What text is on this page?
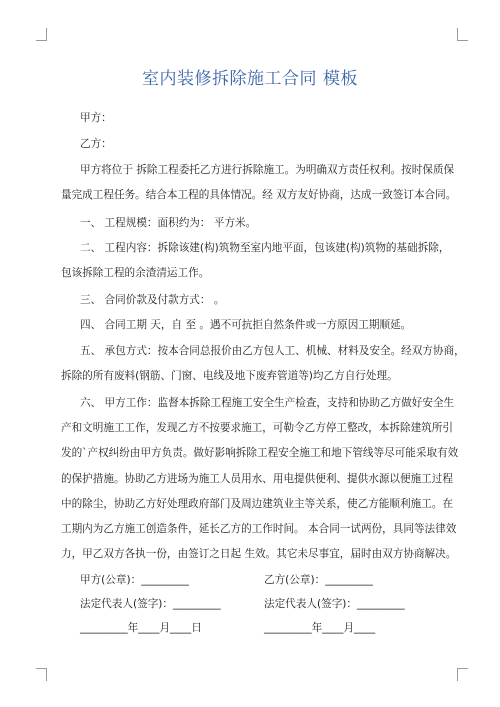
室内装修拆除施工合同 模板
甲方：
乙方：
甲方将位于 拆除工程委托乙方进行拆除施工。为明确双方责任权利。按时保质保
量完成工程任务。结合本工程的具体情况。经 双方友好协商，达成一致签订本合同。
一、 工程规模：面积约为： 平方米。
二、 工程内容：拆除该建(构)筑物至室内地平面，包该建(构)筑物的基础拆除，
包该拆除工程的余渣清运工作。
三、 合同价款及付款方式： 。
四、 合同工期 天，自 至 。遇不可抗拒自然条件或一方原因工期顺延。
五、 承包方式：按本合同总报价由乙方包人工、机械、材料及安全。经双方协商，
拆除的所有废料(钢筋、门窗、电线及地下废弃管道等)均乙方自行处理。
六、 甲方工作：监督本拆除工程施工安全生产检查，支持和协助乙方做好安全生
产和文明施工工作，发现乙方不按要求施工，可勒令乙方停工整改，本拆除建筑所引
发的`产权纠纷由甲方负责。做好影响拆除工程安全施工和地下管线等尽可能采取有效
的保护措施。协助乙方进场为施工人员用水、用电提供便利、提供水源以便施工过程
中的除尘，协助乙方好处理政府部门及周边建筑业主等关系，使乙方能顺利施工。在
工期内为乙方施工创造条件，延长乙方的工作时间。 本合同一试两份，具同等法律效
力，甲乙双方各执一份，由签订之日起 生效。其它未尽事宜，届时由双方协商解决。
甲方(公章)：_________	乙方(公章)：_________
法定代表人(签字)：_________	法定代表人(签字)：_________
_________年____月____日	_________年____月____
